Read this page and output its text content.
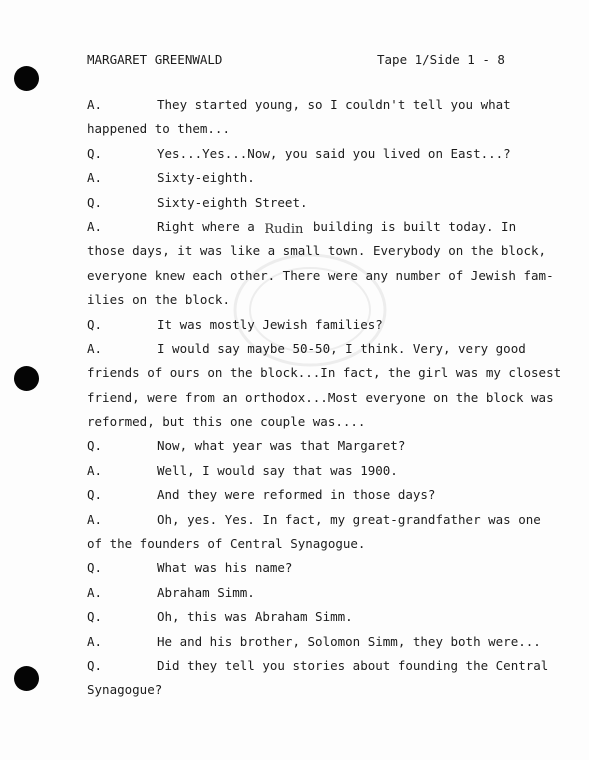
MARGARET GREENWALD	Tape 1/Side 1 - 8
A.	They started young, so I couldn't tell you what
happened to them...
Q.	Yes...Yes...Now, you said you lived on East...?
A.	Sixty-eighth.
Q.	Sixty-eighth Street.
A.	Right where a Rudin building is built today. In
those days, it was like a small town. Everybody on the block,
everyone knew each other. There were any number of Jewish fam-
ilies on the block.
Q.	It was mostly Jewish families?
A.	I would say maybe 50-50, I think. Very, very good
friends of ours on the block...In fact, the girl was my closest
friend, were from an orthodox...Most everyone on the block was
reformed, but this one couple was....
Q.	Now, what year was that Margaret?
A.	Well, I would say that was 1900.
Q.	And they were reformed in those days?
A.	Oh, yes. Yes. In fact, my great-grandfather was one
of the founders of Central Synagogue.
Q.	What was his name?
A.	Abraham Simm.
Q.	Oh, this was Abraham Simm.
A.	He and his brother, Solomon Simm, they both were...
Q.	Did they tell you stories about founding the Central
Synagogue?
